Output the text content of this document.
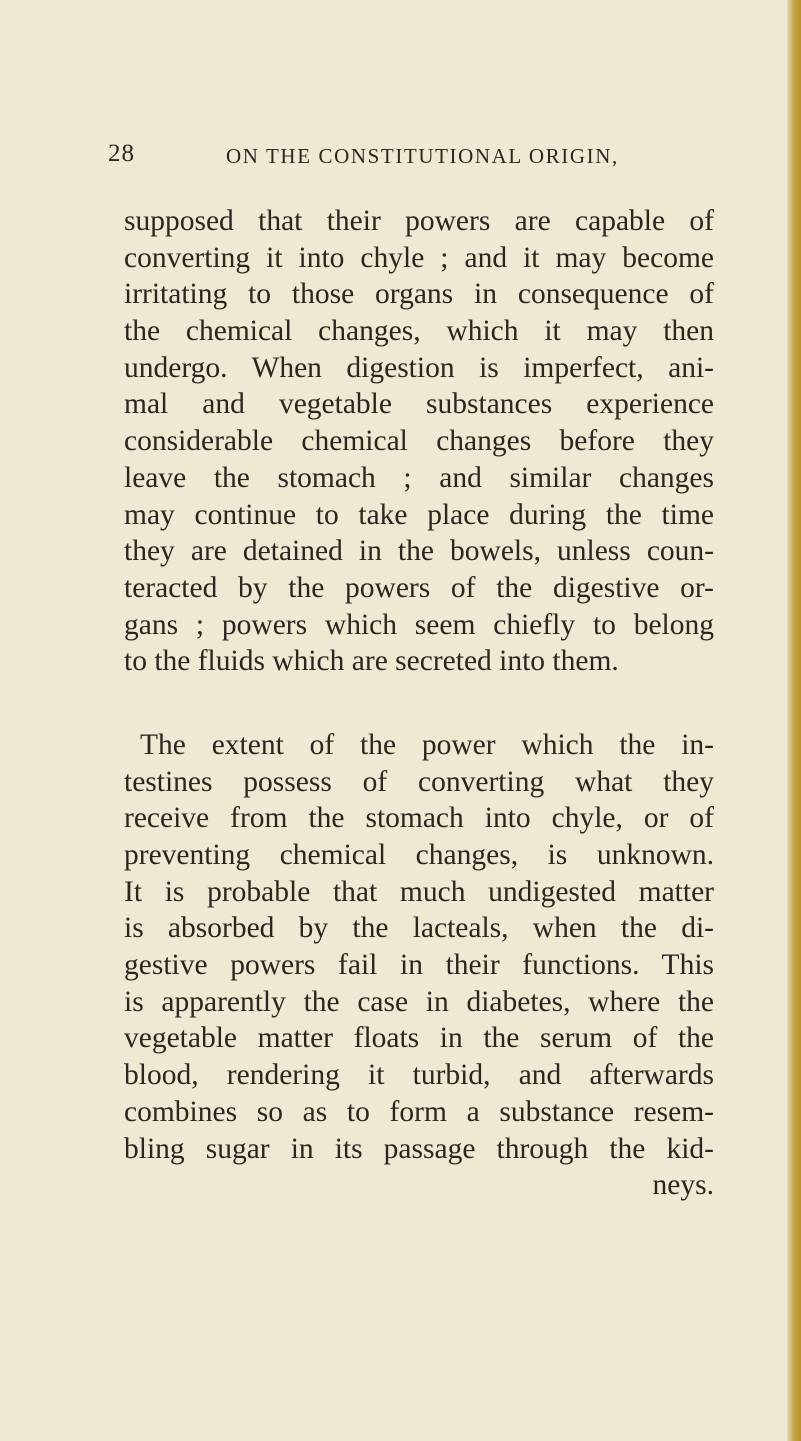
28	ON THE CONSTITUTIONAL ORIGIN,
supposed that their powers are capable of
converting it into chyle ; and it may become
irritating to those organs in consequence of
the chemical changes, which it may then
undergo. When digestion is imperfect, ani-
mal and vegetable substances experience
considerable chemical changes before they
leave the stomach ; and similar changes
may continue to take place during the time
they are detained in the bowels, unless coun-
teracted by the powers of the digestive or-
gans ; powers which seem chiefly to belong
to the fluids which are secreted into them.
The extent of the power which the in-
testines possess of converting what they
receive from the stomach into chyle, or of
preventing chemical changes, is unknown.
It is probable that much undigested matter
is absorbed by the lacteals, when the di-
gestive powers fail in their functions. This
is apparently the case in diabetes, where the
vegetable matter floats in the serum of the
blood, rendering it turbid, and afterwards
combines so as to form a substance resem-
bling sugar in its passage through the kid-
neys.
